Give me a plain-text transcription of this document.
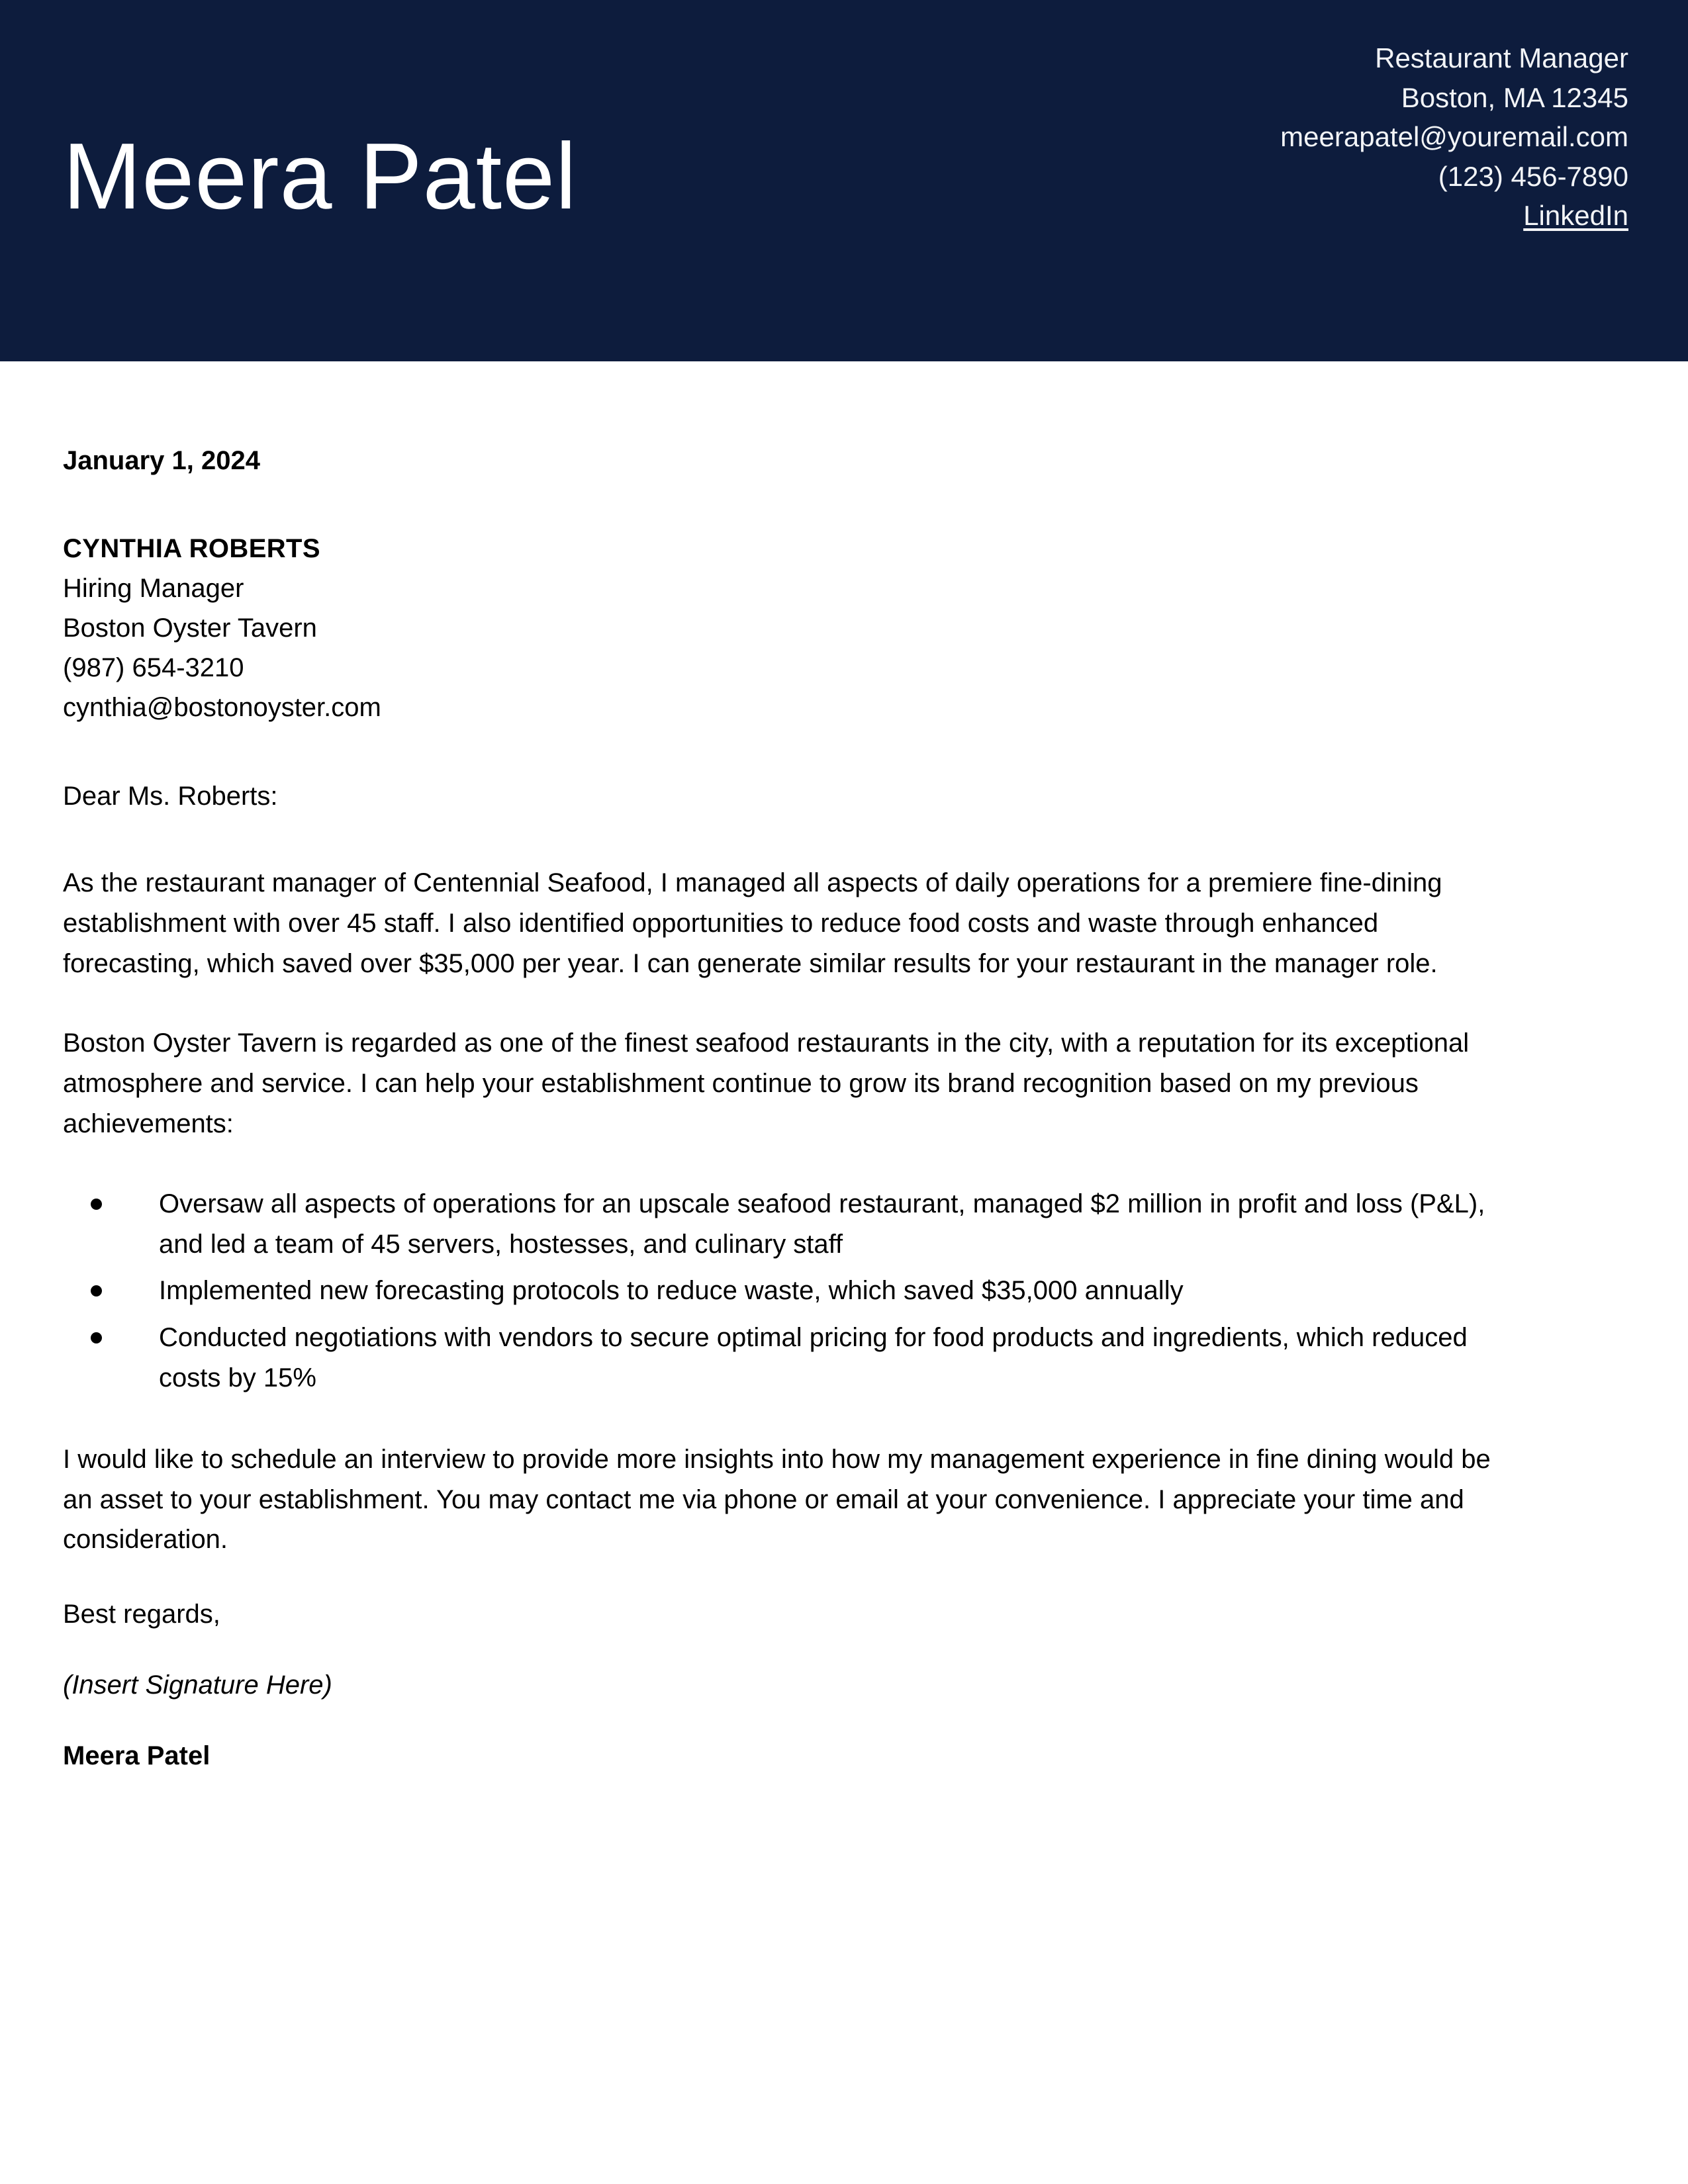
Meera Patel
Restaurant Manager
Boston, MA 12345
meerapatel@youremail.com
(123) 456-7890
LinkedIn
January 1, 2024
CYNTHIA ROBERTS
Hiring Manager
Boston Oyster Tavern
(987) 654-3210
cynthia@bostonoyster.com

Dear Ms. Roberts:

As the restaurant manager of Centennial Seafood, I managed all aspects of daily operations for a premiere fine-dining establishment with over 45 staff. I also identified opportunities to reduce food costs and waste through enhanced forecasting, which saved over $35,000 per year. I can generate similar results for your restaurant in the manager role.

Boston Oyster Tavern is regarded as one of the finest seafood restaurants in the city, with a reputation for its exceptional atmosphere and service. I can help your establishment continue to grow its brand recognition based on my previous achievements:

Oversaw all aspects of operations for an upscale seafood restaurant, managed $2 million in profit and loss (P&L), and led a team of 45 servers, hostesses, and culinary staff
Implemented new forecasting protocols to reduce waste, which saved $35,000 annually
Conducted negotiations with vendors to secure optimal pricing for food products and ingredients, which reduced costs by 15%

I would like to schedule an interview to provide more insights into how my management experience in fine dining would be an asset to your establishment. You may contact me via phone or email at your convenience. I appreciate your time and consideration.

Best regards,

(Insert Signature Here)

Meera Patel
